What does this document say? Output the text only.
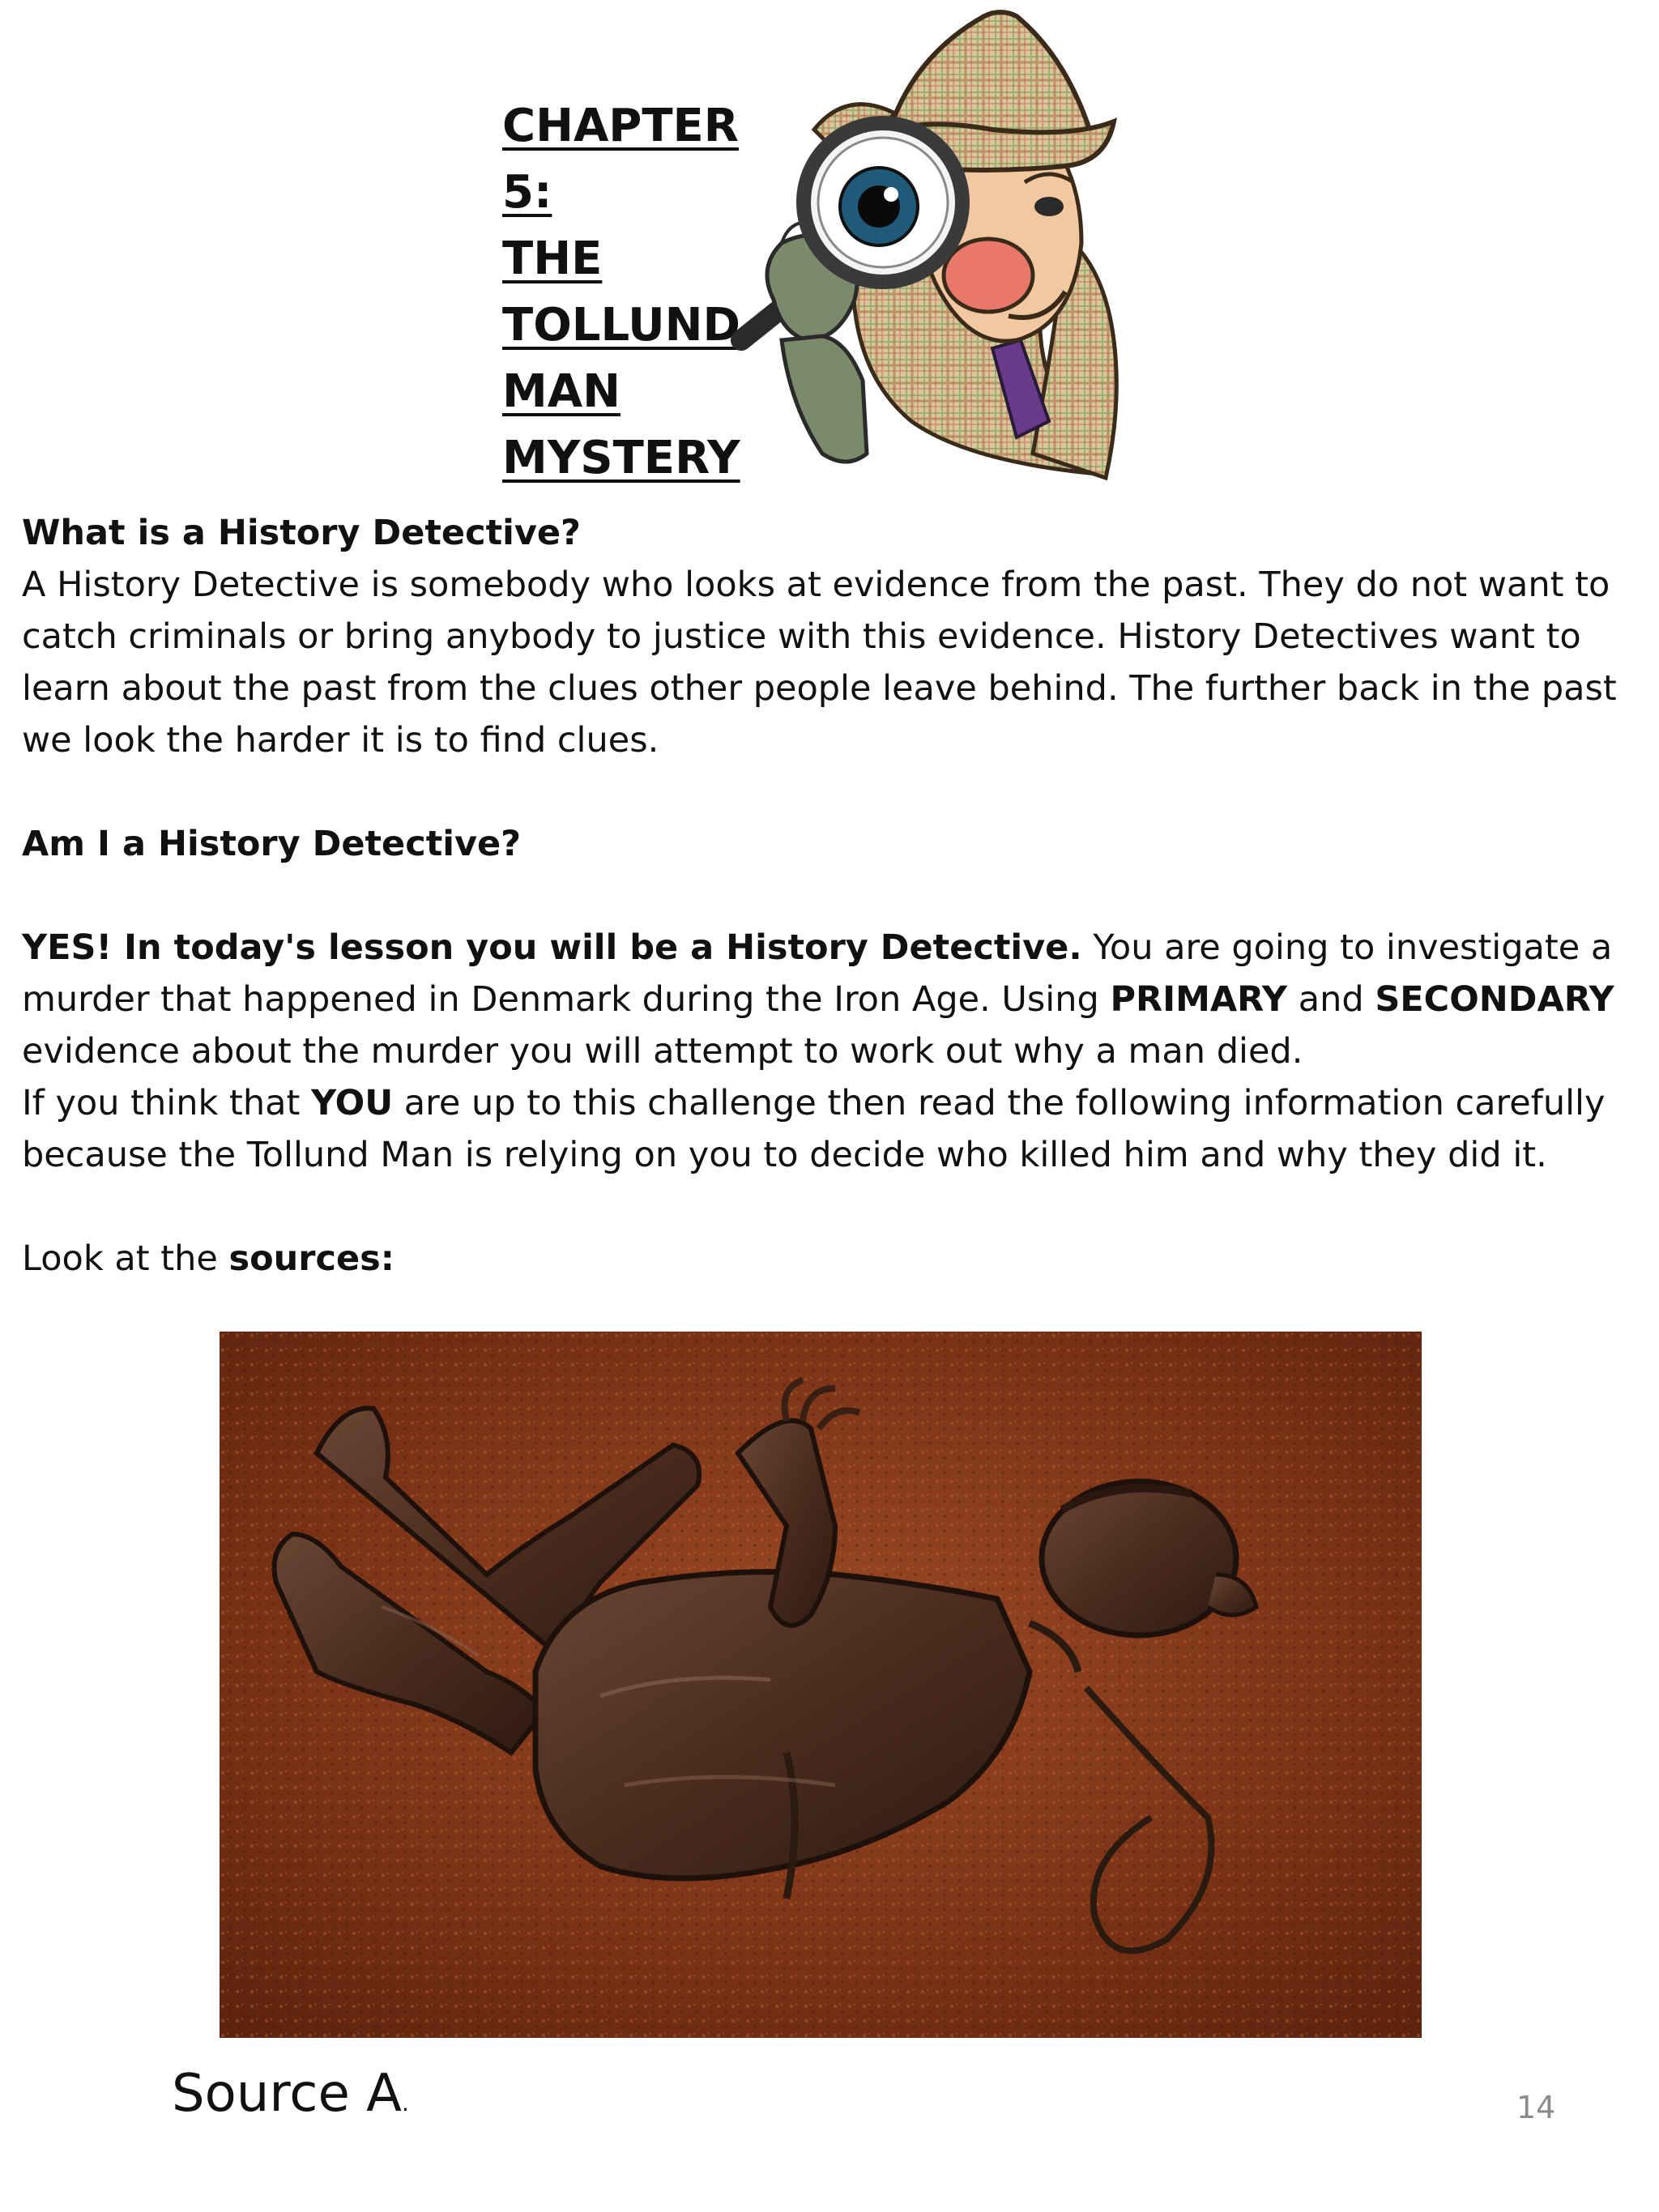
CHAPTER 5:
THE
TOLLUND
MAN
MYSTERY

What is a History Detective?

A History Detective is somebody who looks at evidence from the past. They do not want to catch criminals or bring anybody to justice with this evidence. History Detectives want to learn about the past from the clues other people leave behind. The further back in the past we look the harder it is to find clues.

Am I a History Detective?

YES! In today's lesson you will be a History Detective. You are going to investigate a murder that happened in Denmark during the Iron Age. Using PRIMARY and SECONDARY evidence about the murder you will attempt to work out why a man died.

If you think that YOU are up to this challenge then read the following information carefully because the Tollund Man is relying on you to decide who killed him and why they did it.

Look at the sources:

Source A.	14
